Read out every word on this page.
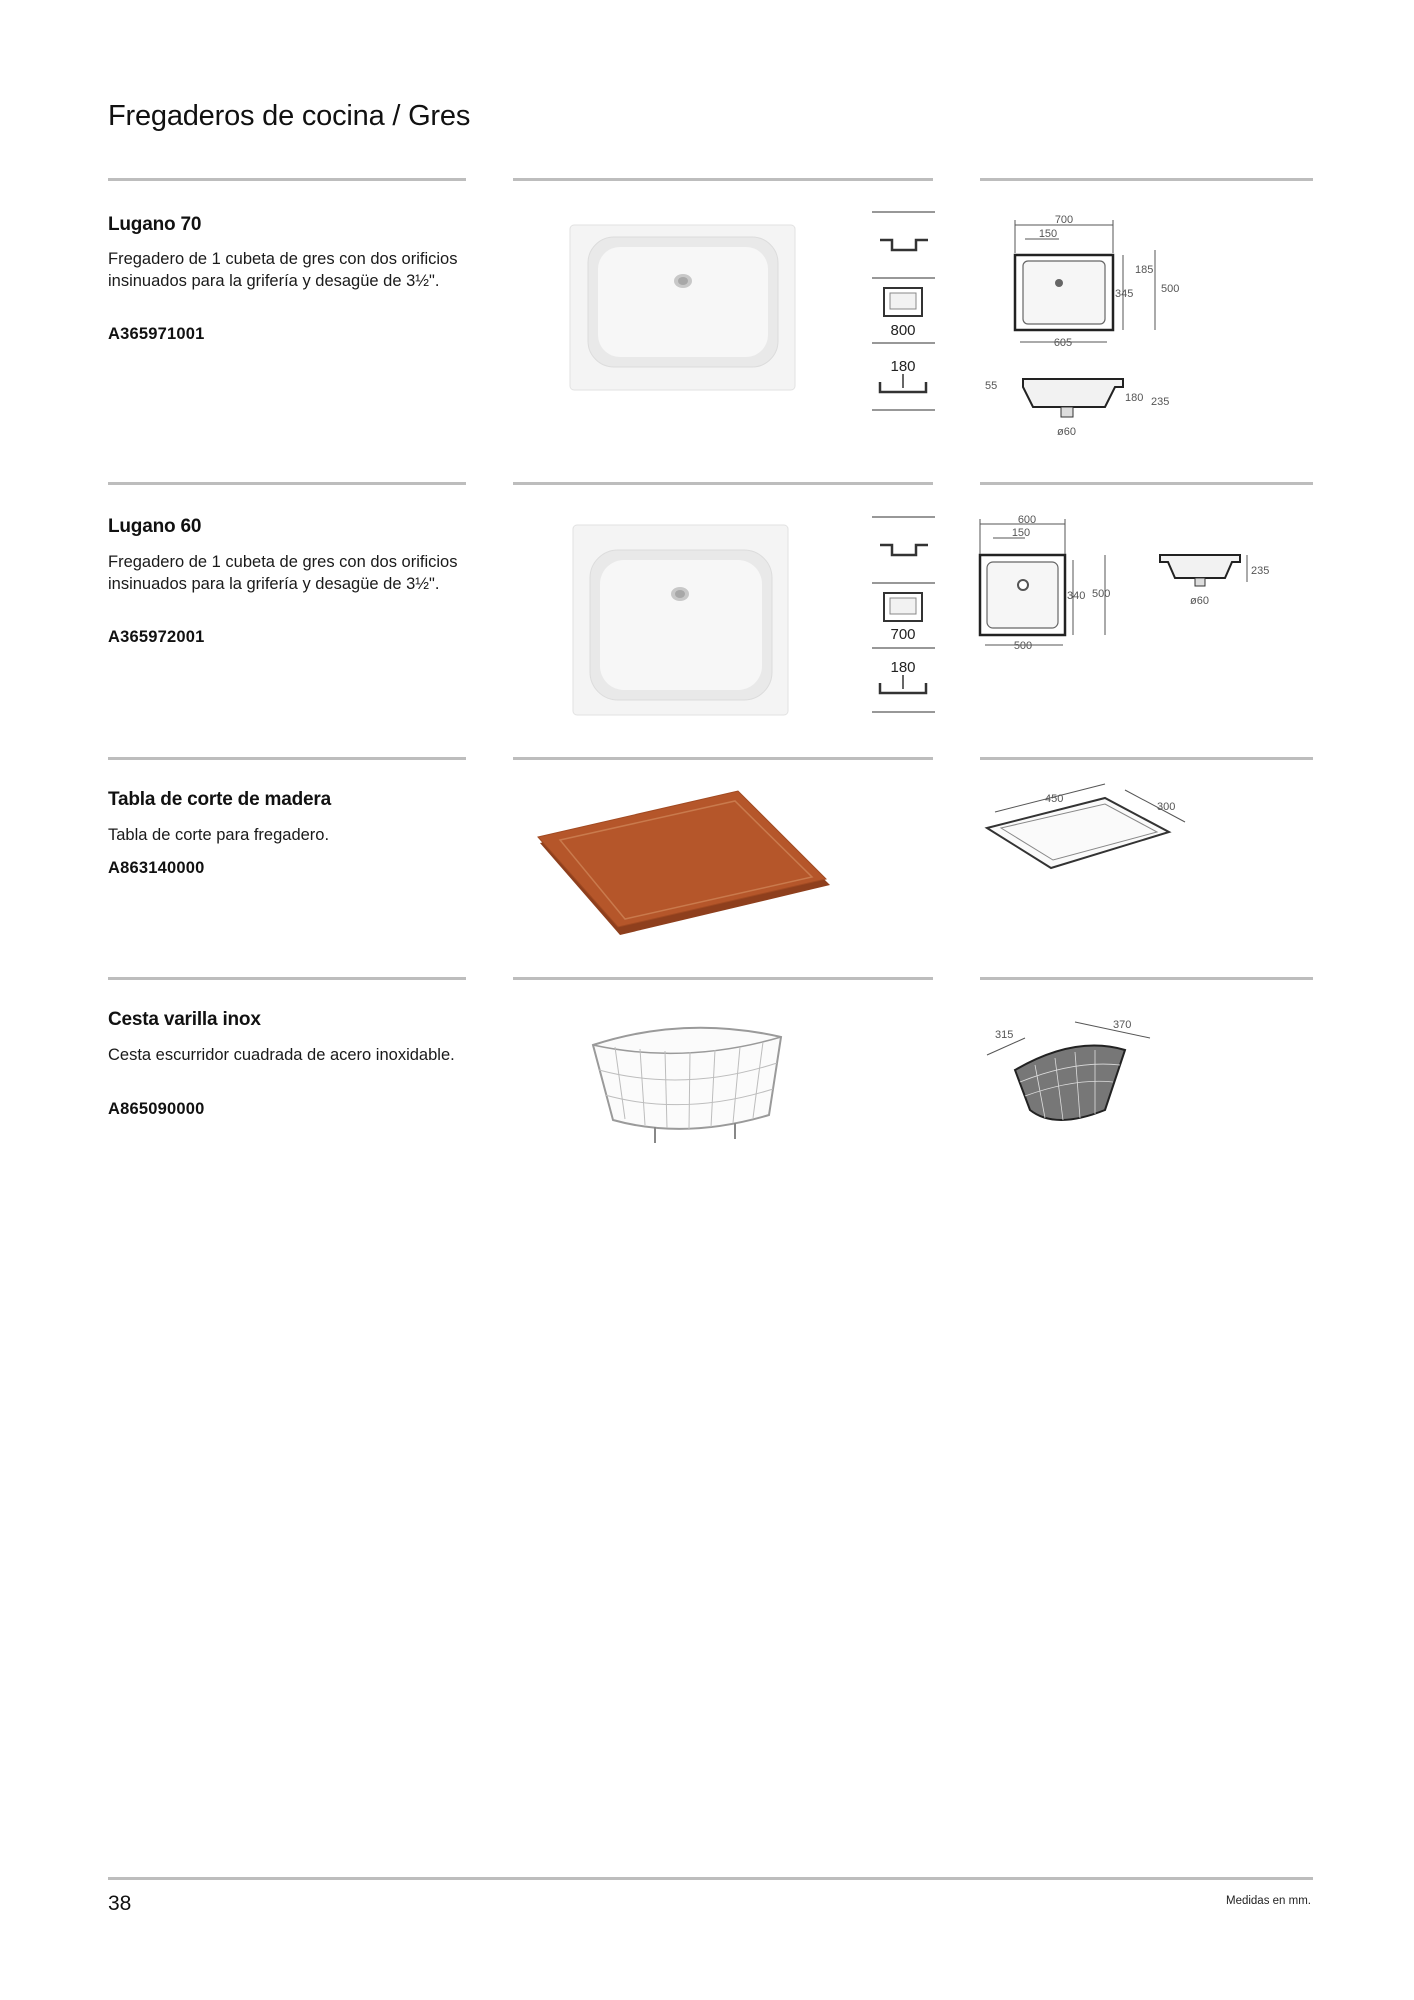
Fregaderos de cocina / Gres
Lugano 70

Fregadero de 1 cubeta de gres con dos orificios insinuados para la grifería y desagüe de 3½".

A365971001	800
180
700
150
185
345	500
605
55
180 235
ø60
Lugano 60

Fregadero de 1 cubeta de gres con dos orificios insinuados para la grifería y desagüe de 3½".

A365972001	700
180
600
150
340 500
500
235
ø60
Tabla de corte de madera

Tabla de corte para fregadero.

A863140000

450
300
Cesta varilla inox

Cesta escurridor cuadrada de acero inoxidable.

A865090000

315
370

38	Medidas en mm.
